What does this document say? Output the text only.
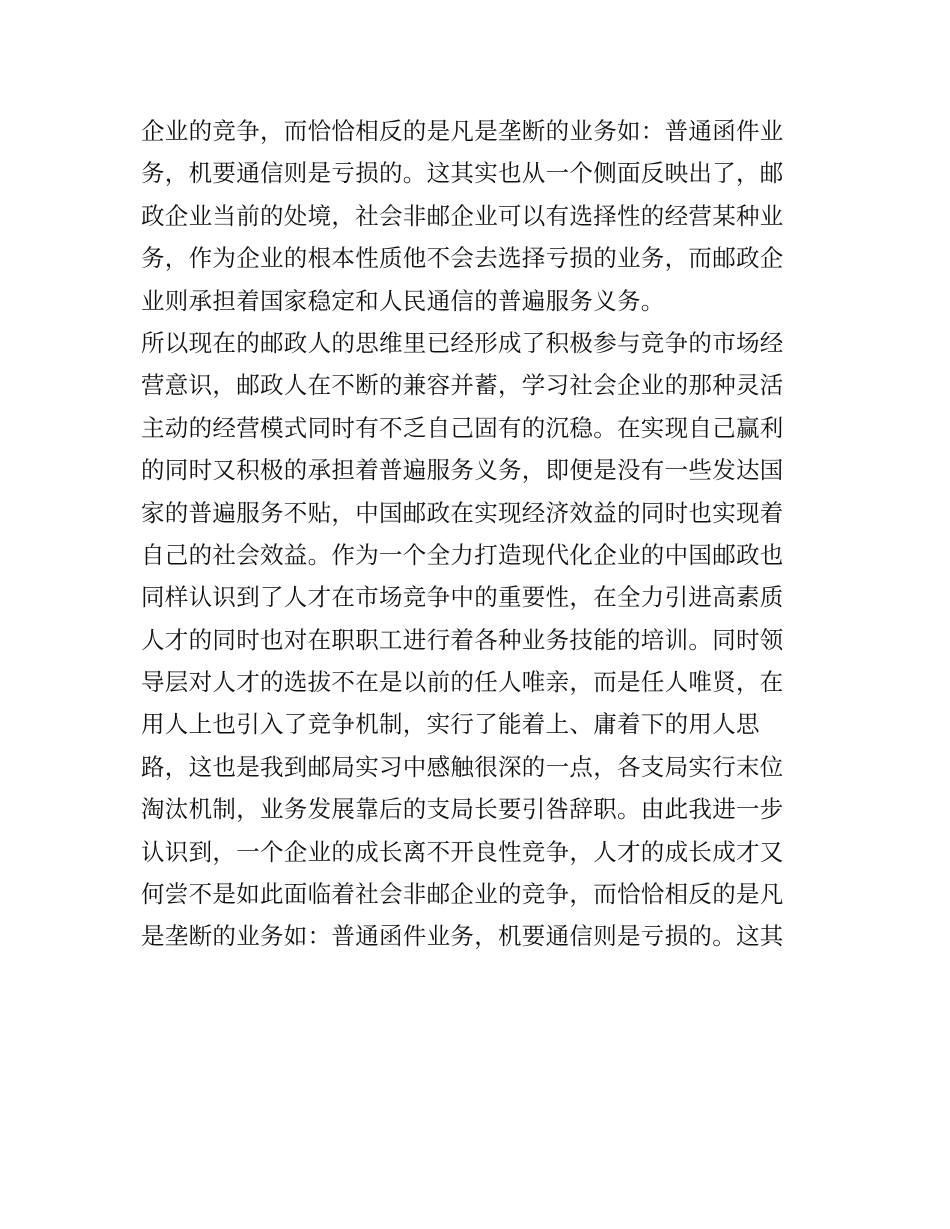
企业的竞争，而恰恰相反的是凡是垄断的业务如：普通函件业
务，机要通信则是亏损的。这其实也从一个侧面反映出了，邮
政企业当前的处境，社会非邮企业可以有选择性的经营某种业
务，作为企业的根本性质他不会去选择亏损的业务，而邮政企
业则承担着国家稳定和人民通信的普遍服务义务。
所以现在的邮政人的思维里已经形成了积极参与竞争的市场经
营意识，邮政人在不断的兼容并蓄，学习社会企业的那种灵活
主动的经营模式同时有不乏自己固有的沉稳。在实现自己赢利
的同时又积极的承担着普遍服务义务，即便是没有一些发达国
家的普遍服务不贴，中国邮政在实现经济效益的同时也实现着
自己的社会效益。作为一个全力打造现代化企业的中国邮政也
同样认识到了人才在市场竞争中的重要性，在全力引进高素质
人才的同时也对在职职工进行着各种业务技能的培训。同时领
导层对人才的选拔不在是以前的任人唯亲，而是任人唯贤，在
用人上也引入了竞争机制，实行了能着上、庸着下的用人思
路，这也是我到邮局实习中感触很深的一点，各支局实行末位
淘汰机制，业务发展靠后的支局长要引咎辞职。由此我进一步
认识到，一个企业的成长离不开良性竞争，人才的成长成才又
何尝不是如此面临着社会非邮企业的竞争，而恰恰相反的是凡
是垄断的业务如：普通函件业务，机要通信则是亏损的。这其
